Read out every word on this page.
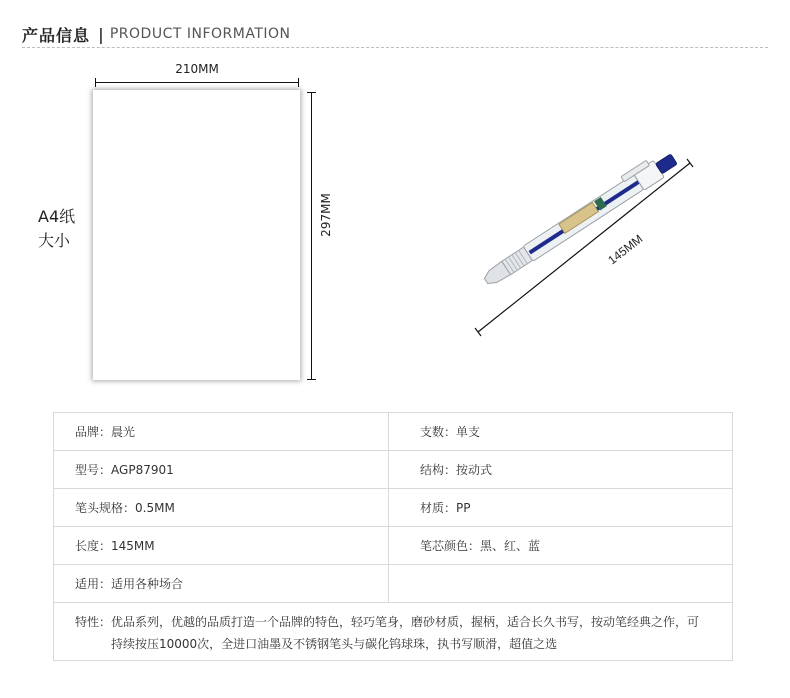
产品信息 | PRODUCT INFORMATION
210MM
297MM
A4纸
大小	145MM
品牌：晨光	支数：单支
型号：AGP87901	结构：按动式
笔头规格：0.5MM	材质：PP
长度：145MM	笔芯颜色：黑、红、蓝
适用：适用各种场合	

特性：优品系列，优越的品质打造一个品牌的特色，轻巧笔身，磨砂材质，握柄，适合长久书写，按动笔经典之作，可
持续按压10000次，全进口油墨及不锈钢笔头与碳化钨球珠，执书写顺滑，超值之选	
